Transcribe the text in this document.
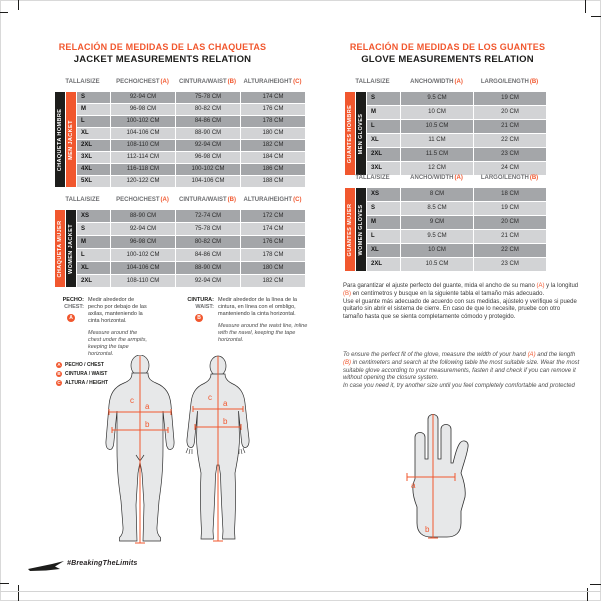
RELACIÓN DE MEDIDAS DE LAS CHAQUETAS
JACKET MEASUREMENTS RELATION
TALLA/SIZE	PECHO/CHEST(A)	CINTURA/WAIST(B)	ALTURA/HEIGHT(C)
CHAQUETA HOMBRE MEN JACKET
S	92-94 CM	75-78 CM	174 CM
M	96-98 CM	80-82 CM	176 CM
L	100-102 CM	84-86 CM	178 CM
XL	104-106 CM	88-90 CM	180 CM
2XL	108-110 CM	92-94 CM	182 CM
3XL	112-114 CM	96-98 CM	184 CM
4XL	116-118 CM	100-102 CM	186 CM
5XL	120-122 CM	104-106 CM	188 CM
TALLA/SIZE	PECHO/CHEST(A)	CINTURA/WAIST(B)	ALTURA/HEIGHT(C)
CHAQUETA MUJER WOMEN JACKET
XS	88-90 CM	72-74 CM	172 CM
S	92-94 CM	75-78 CM	174 CM
M	96-98 CM	80-82 CM	176 CM
L	100-102 CM	84-86 CM	178 CM
XL	104-106 CM	88-90 CM	180 CM
2XL	108-110 CM	92-94 CM	182 CM
RELACIÓN DE MEDIDAS DE LOS GUANTES
GLOVE MEASUREMENTS RELATION
TALLA/SIZE	ANCHO/WIDTH(A)	LARGO/LENGTH(B)
GUANTES HOMBRE MEN GLOVES
S	9.5 CM	19 CM
M	10 CM	20 CM
L	10.5 CM	21 CM
XL	11 CM	22 CM
2XL	11.5 CM	23 CM
3XL	12 CM	24 CM
TALLA/SIZE	ANCHO/WIDTH(A)	LARGO/LENGTH(B)
GUANTES MUJER WOMEN GLOVES
XS	8 CM	18 CM
S	8.5 CM	19 CM
M	9 CM	20 CM
L	9.5 CM	21 CM
XL	10 CM	22 CM
2XL	10.5 CM	23 CM
PECHO:
CHEST:
A
Medir alrededor de pecho por debajo de las axilas, manteniendo la cinta horizontal.
Measure around the chest under the armpits, keeping the tape horizontal.
CINTURA:
WAIST:
B
Medir alrededor de la línea de la cintura, en línea con el ombligo, manteniendo la cinta horizontal.
Measure around the waist line, inline with the navel, keeping the tape horizontal.
A PECHO / CHEST
B CINTURA / WAIST
C ALTURA / HEIGHT
c
a
b
c
a
b

Para garantizar el ajuste perfecto del guante, mida el ancho de su mano (A) y la longitud (B) en centímetros y busque en la siguiente tabla el tamaño más adecuado.

Use el guante más adecuado de acuerdo con sus medidas, ajústelo y verifique si puede quitarlo sin abrir el sistema de cierre. En caso de que lo necesite, pruebe con otro tamaño hasta que se sienta completamente cómodo y protegido.

To ensure the perfect fit of the glove, measure the width of your hand (A) and the length (B) in centimeters and search at the following table the most suitable size. Wear the most suitable glove according to your measurements, fasten it and check if you can remove it without opening the closure system.

In case you need it, try another size until you feel completely comfortable and protected

a
b
#BreakingTheLimits
